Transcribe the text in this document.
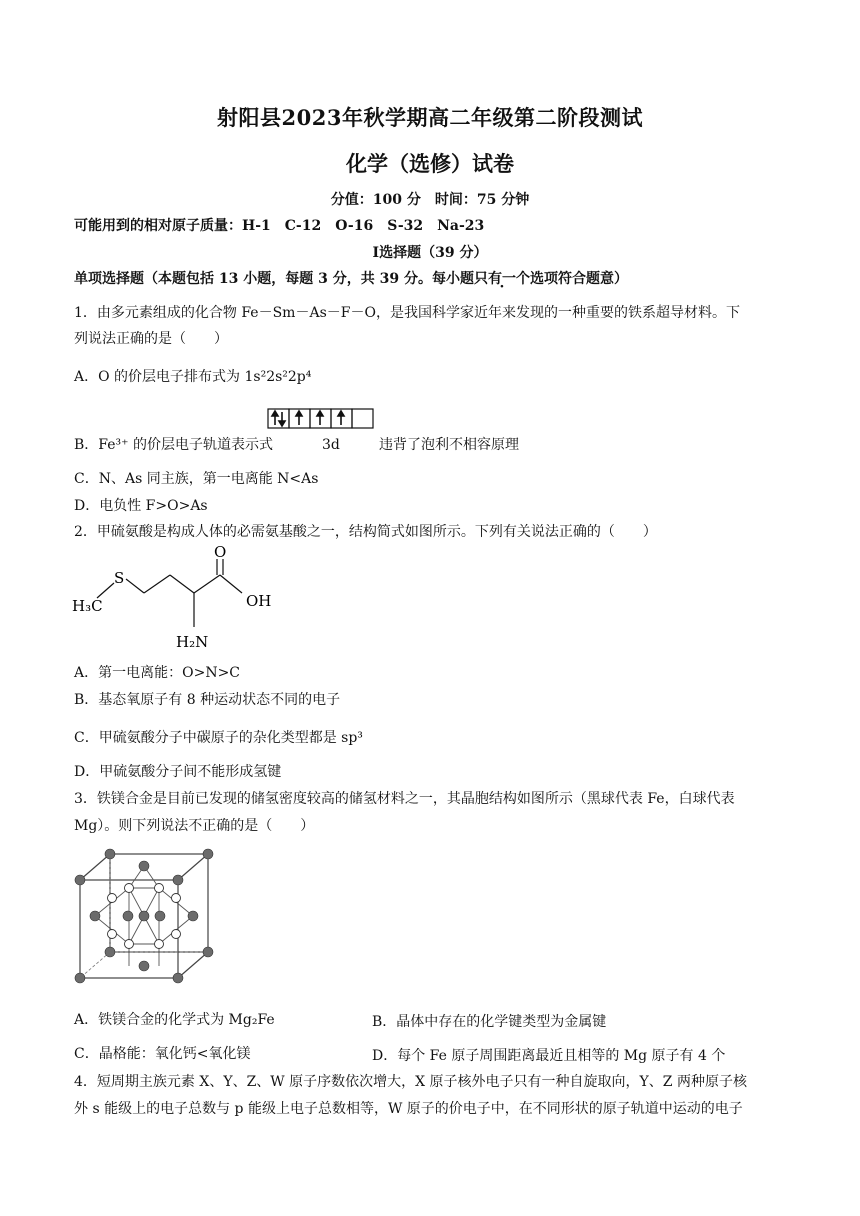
射阳县2023年秋学期高二年级第二阶段测试
化学（选修）试卷
分值：100 分　时间：75 分钟
可能用到的相对原子质量：H-1　C-12　O-16　S-32　Na-23
Ⅰ选择题（39 分）
单项选择题（本题包括 13 小题，每题 3 分，共 39 分。每小题只有一个选项符合题意）
1．由多元素组成的化合物 Fe－Sm－As－F－O，是我国科学家近年来发现的一种重要的铁系超导材料。下
列说法正确的是（　　）
A．O 的价层电子排布式为 1s²2s²2p⁴
B．Fe³⁺ 的价层电子轨道表示式	3d	违背了泡利不相容原理
C．N、As 同主族，第一电离能 N<As
D．电负性 F>O>As
2．甲硫氨酸是构成人体的必需氨基酸之一，结构简式如图所示。下列有关说法正确的（　　）
O
OH
S
H₃C
H₂N
A．第一电离能：O>N>C
B．基态氧原子有 8 种运动状态不同的电子
C．甲硫氨酸分子中碳原子的杂化类型都是 sp³
D．甲硫氨酸分子间不能形成氢键
3．铁镁合金是目前已发现的储氢密度较高的储氢材料之一，其晶胞结构如图所示（黑球代表 Fe，白球代表
Mg）。则下列说法不正确的是（　　）
A．铁镁合金的化学式为 Mg₂Fe	B．晶体中存在的化学键类型为金属键
C．晶格能：氧化钙<氧化镁	D．每个 Fe 原子周围距离最近且相等的 Mg 原子有 4 个
4．短周期主族元素 X、Y、Z、W 原子序数依次增大，X 原子核外电子只有一种自旋取向，Y、Z 两种原子核
外 s 能级上的电子总数与 p 能级上电子总数相等，W 原子的价电子中，在不同形状的原子轨道中运动的电子
